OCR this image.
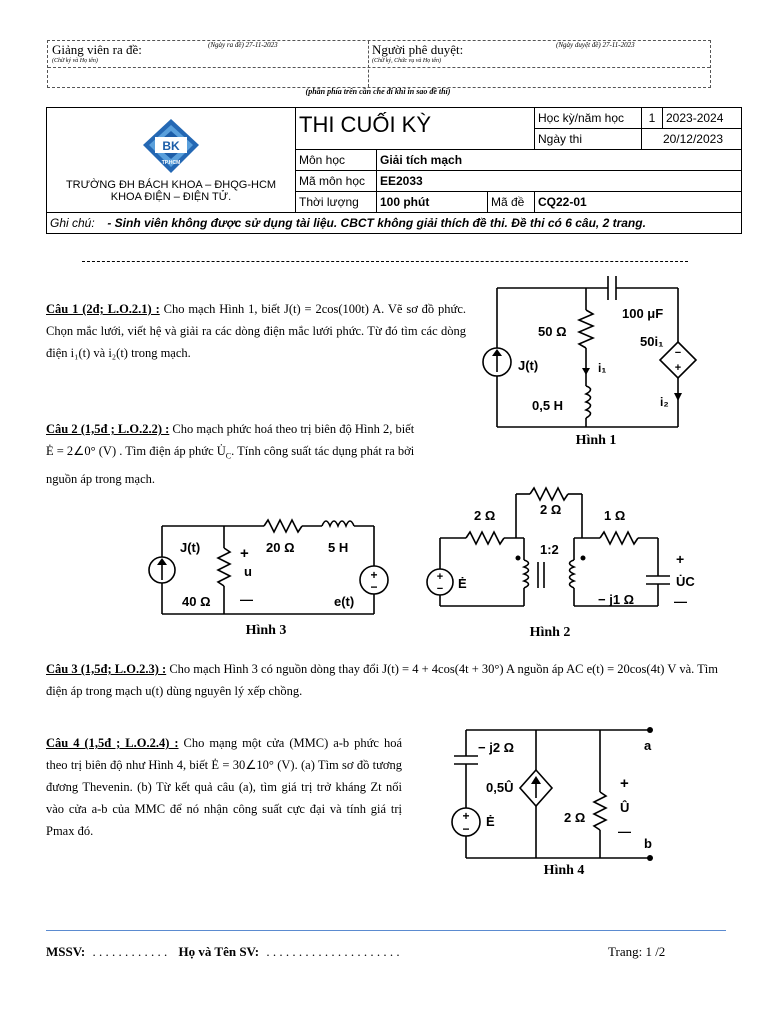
Giảng viên ra đề:	(Ngày ra đề) 27-11-2023
(Chữ ký và Họ tên)
Người phê duyệt:	(Ngày duyệt đề) 27-11-2023
(Chữ ký, Chức vụ và Họ tên)
(phần phía trên cần che đi khi in sao đề thi)
BK
TP.HCM
TRƯỜNG ĐH BÁCH KHOA – ĐHQG-HCM
KHOA ĐIỆN – ĐIỆN TỬ.	THI CUỐI KỲ			Học kỳ/năm học	1	2023-2024
				Ngày thi	20/12/2023	
	Môn học	Giải tích mạch				
	Mã môn học	EE2033				
	Thời lượng	100 phút	Mã đề	CQ22-01		
Ghi chú: - Sinh viên không được sử dụng tài liệu. CBCT không giải thích đề thi. Đề thi có 6 câu, 2 trang.						
Câu 1 (2đ; L.O.2.1) : Cho mạch Hình 1, biết J(t) = 2cos(100t) A. Vẽ sơ đồ phức. Chọn mắc lưới, viết hệ và giải ra các dòng điện mắc lưới phức. Từ đó tìm các dòng điện i₁(t) và i₂(t) trong mạch.	−
+
100 μF
50 Ω
J(t)
50i₁
i₁
i₂
0,5 H
Hình 1
Câu 2 (1,5đ ; L.O.2.2) : Cho mạch phức hoá theo trị biên độ Hình 2, biết
Ė = 2∠0° (V) . Tìm điện áp phức $U̇_C$. Tính công suất tác dụng phát ra bởi
nguồn áp trong mạch.
+
−
J(t)	20 Ω	5 H
40 Ω
+
u
—	e(t)
Hình 3
+
−
2 Ω	2 Ω	1 Ω
1:2
Ė
− j1 Ω
+
U̇C
—
Hình 2
Câu 3 (1,5đ; L.O.2.3) : Cho mạch Hình 3 có nguồn dòng thay đổi J(t) = 4 + 4cos(4t + 30°) A nguồn áp AC e(t) = 20cos(4t) V và. Tìm điện áp trong mạch u(t) dùng nguyên lý xếp chồng.
Câu 4 (1,5đ ; L.O.2.4) : Cho mạng một cửa (MMC) a-b phức hoá theo trị biên độ như Hình 4, biết Ė = 30∠10° (V). (a) Tìm sơ đồ tương đương Thevenin. (b) Từ kết quả câu (a), tìm giá trị trở kháng Zt nối vào cửa a-b của MMC để nó nhận công suất cực đại và tính giá trị Pmax đó.
+
−
− j2 Ω
0,5Û
Ė	2 Ω
+
Û
—
a
b
Hình 4
MSSV: . . . . . . . . . . . . Họ và Tên SV: . . . . . . . . . . . . . . . . . . . . .	Trang: 1 /2
